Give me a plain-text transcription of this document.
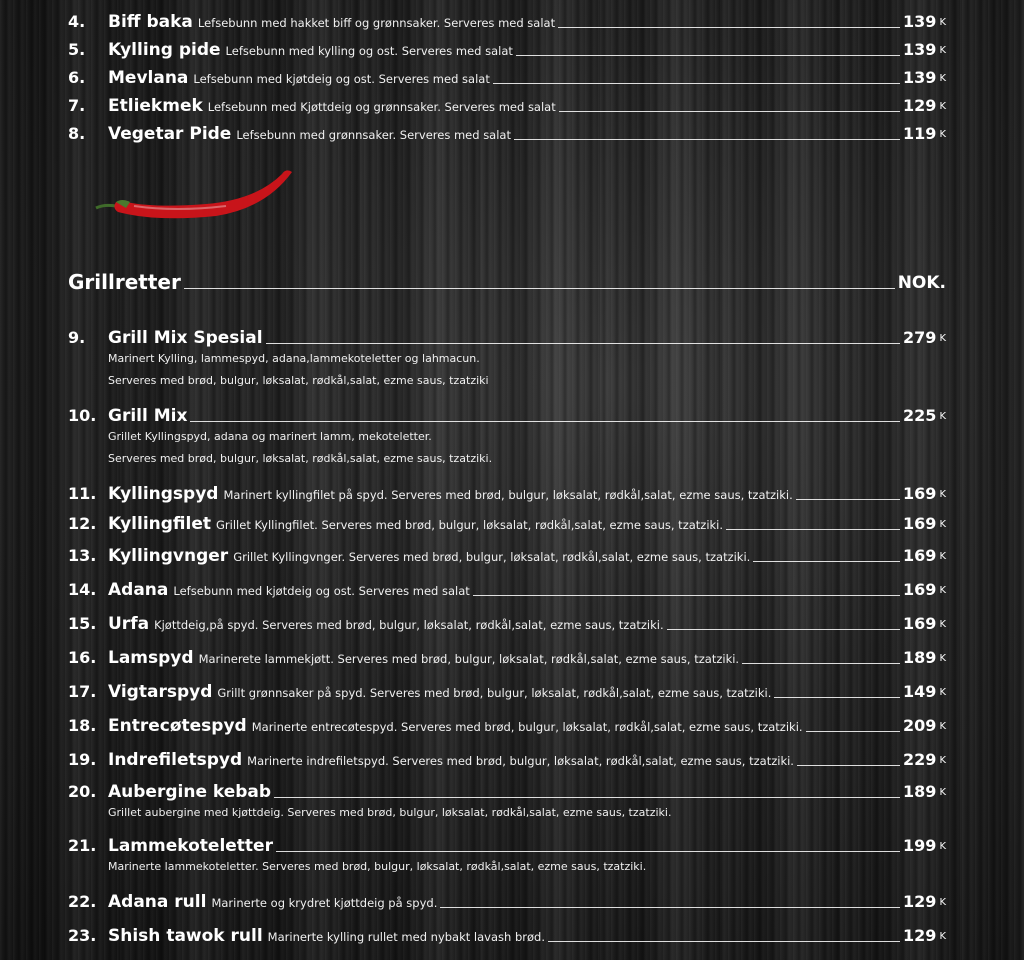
Grillretter	NOK.
4.	Biff baka Lefsebunn med hakket biff og grønnsaker. Serveres med salat	139 K
5.	Kylling pide Lefsebunn med kylling og ost. Serveres med salat	139 K
6.	Mevlana Lefsebunn med kjøtdeig og ost. Serveres med salat	139 K
7.	Etliekmek Lefsebunn med Kjøttdeig og grønnsaker. Serveres med salat	129 K
8.	Vegetar Pide Lefsebunn med grønnsaker. Serveres med salat	119 K
9.	Grill Mix Spesial	279 K
Marinert Kylling, lammespyd, adana,lammekoteletter og lahmacun.
Serveres med brød, bulgur, løksalat, rødkål,salat, ezme saus, tzatziki
10. Grill Mix	225 K
Grillet Kyllingspyd, adana og marinert lamm, mekoteletter.
Serveres med brød, bulgur, løksalat, rødkål,salat, ezme saus, tzatziki.
11. Kyllingspyd Marinert kyllingfilet på spyd. Serveres med brød, bulgur, løksalat, rødkål,salat, ezme saus, tzatziki.	169 K
12. Kyllingfilet Grillet Kyllingfilet. Serveres med brød, bulgur, løksalat, rødkål,salat, ezme saus, tzatziki.	169 K
13. Kyllingvnger Grillet Kyllingvnger. Serveres med brød, bulgur, løksalat, rødkål,salat, ezme saus, tzatziki.	169 K
14. Adana Lefsebunn med kjøtdeig og ost. Serveres med salat	169 K
15. Urfa Kjøttdeig,på spyd. Serveres med brød, bulgur, løksalat, rødkål,salat, ezme saus, tzatziki.	169 K
16. Lamspyd Marinerete lammekjøtt. Serveres med brød, bulgur, løksalat, rødkål,salat, ezme saus, tzatziki.	189 K
17. Vigtarspyd Grillt grønnsaker på spyd. Serveres med brød, bulgur, løksalat, rødkål,salat, ezme saus, tzatziki.	149 K
18. Entrecøtespyd Marinerte entrecøtespyd. Serveres med brød, bulgur, løksalat, rødkål,salat, ezme saus, tzatziki.	209 K
19. Indrefiletspyd Marinerte indrefiletspyd. Serveres med brød, bulgur, løksalat, rødkål,salat, ezme saus, tzatziki.	229 K
20. Aubergine kebab	189 K
Grillet aubergine med kjøttdeig. Serveres med brød, bulgur, løksalat, rødkål,salat, ezme saus, tzatziki.
21. Lammekoteletter	199 K
Marinerte lammekoteletter. Serveres med brød, bulgur, løksalat, rødkål,salat, ezme saus, tzatziki.
22. Adana rull Marinerte og krydret kjøttdeig på spyd.	129 K
23. Shish tawok rull Marinerte kylling rullet med nybakt lavash brød.	129 K
